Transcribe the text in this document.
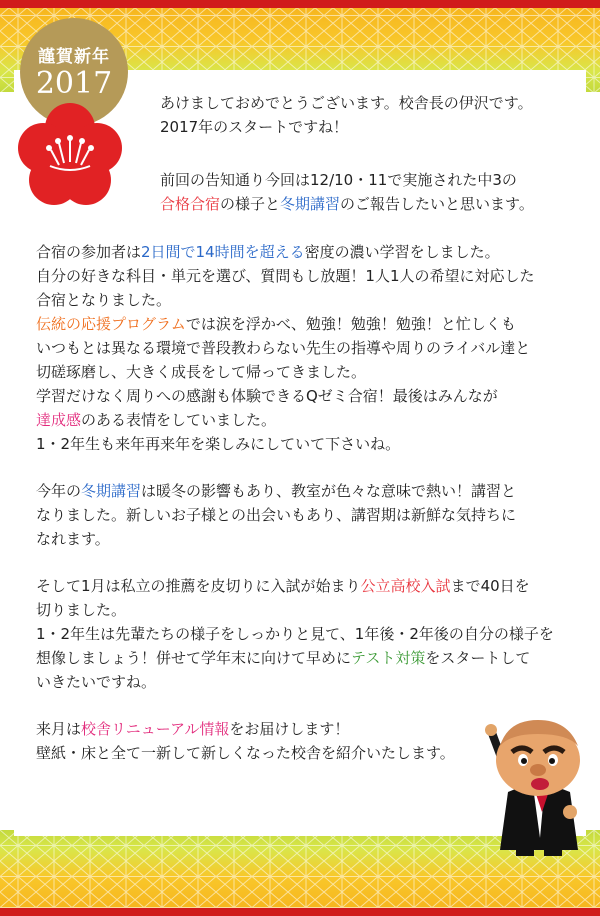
謹賀新年
2017
あけましておめでとうございます。校舎長の伊沢です。
2017年のスタートですね！
前回の告知通り今回は12/10・11で実施された中3の
合格合宿の様子と冬期講習のご報告したいと思います。
合宿の参加者は2日間で14時間を超える密度の濃い学習をしました。
自分の好きな科目・単元を選び、質問もし放題！1人1人の希望に対応した
合宿となりました。
伝統の応援プログラムでは涙を浮かべ、勉強！勉強！勉強！と忙しくも
いつもとは異なる環境で普段教わらない先生の指導や周りのライバル達と
切磋琢磨し、大きく成長をして帰ってきました。
学習だけなく周りへの感謝も体験できるQゼミ合宿！最後はみんなが
達成感のある表情をしていました。
1・2年生も来年再来年を楽しみにしていて下さいね。
今年の冬期講習は暖冬の影響もあり、教室が色々な意味で熱い！講習と
なりました。新しいお子様との出会いもあり、講習期は新鮮な気持ちに
なれます。
そして1月は私立の推薦を皮切りに入試が始まり公立高校入試まで40日を
切りました。
1・2年生は先輩たちの様子をしっかりと見て、1年後・2年後の自分の様子を
想像しましょう！併せて学年末に向けて早めにテスト対策をスタートして
いきたいですね。
来月は校舎リニューアル情報をお届けします！
壁紙・床と全て一新して新しくなった校舎を紹介いたします。
